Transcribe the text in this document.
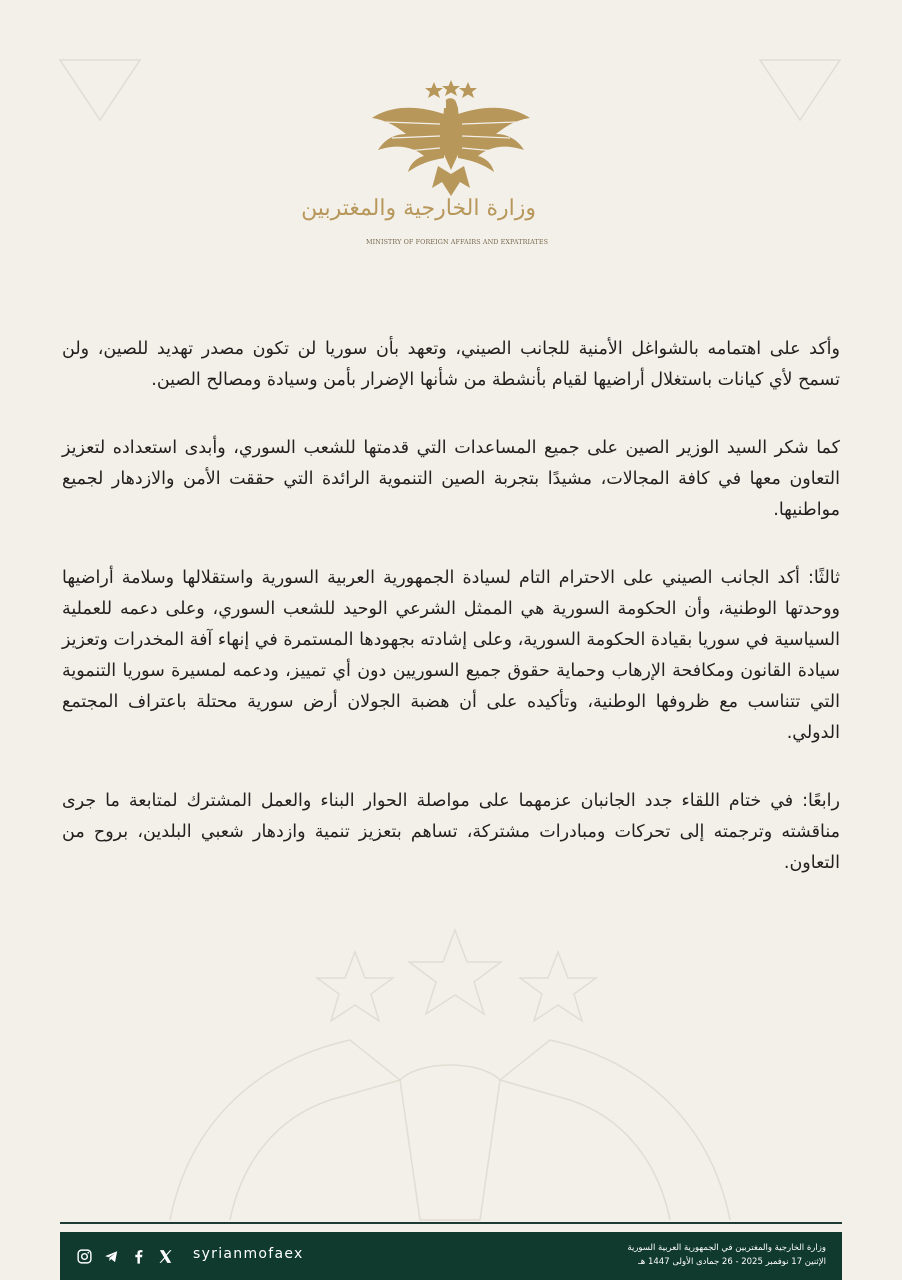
وزارة الخارجية والمغتربين
MINISTRY OF FOREIGN AFFAIRS AND EXPATRIATES

وأكد على اهتمامه بالشواغل الأمنية للجانب الصيني، وتعهد بأن سوريا لن تكون مصدر تهديد للصين، ولن تسمح لأي كيانات باستغلال أراضيها لقيام بأنشطة من شأنها الإضرار بأمن وسيادة ومصالح الصين.

كما شكر السيد الوزير الصين على جميع المساعدات التي قدمتها للشعب السوري، وأبدى استعداده لتعزيز التعاون معها في كافة المجالات، مشيدًا بتجربة الصين التنموية الرائدة التي حققت الأمن والازدهار لجميع مواطنيها.

ثالثًا: أكد الجانب الصيني على الاحترام التام لسيادة الجمهورية العربية السورية واستقلالها وسلامة أراضيها ووحدتها الوطنية، وأن الحكومة السورية هي الممثل الشرعي الوحيد للشعب السوري، وعلى دعمه للعملية السياسية في سوريا بقيادة الحكومة السورية، وعلى إشادته بجهودها المستمرة في إنهاء آفة المخدرات وتعزيز سيادة القانون ومكافحة الإرهاب وحماية حقوق جميع السوريين دون أي تمييز، ودعمه لمسيرة سوريا التنموية التي تتناسب مع ظروفها الوطنية، وتأكيده على أن هضبة الجولان أرض سورية محتلة باعتراف المجتمع الدولي.

رابعًا: في ختام اللقاء جدد الجانبان عزمهما على مواصلة الحوار البناء والعمل المشترك لمتابعة ما جرى مناقشته وترجمته إلى تحركات ومبادرات مشتركة، تساهم بتعزيز تنمية وازدهار شعبي البلدين، بروح من التعاون.

syrianmofaex	وزارة الخارجية والمغتربين في الجمهورية العربية السورية
الإثنين 17 نوفمبر 2025 - 26 جمادى الأولى 1447 هـ
